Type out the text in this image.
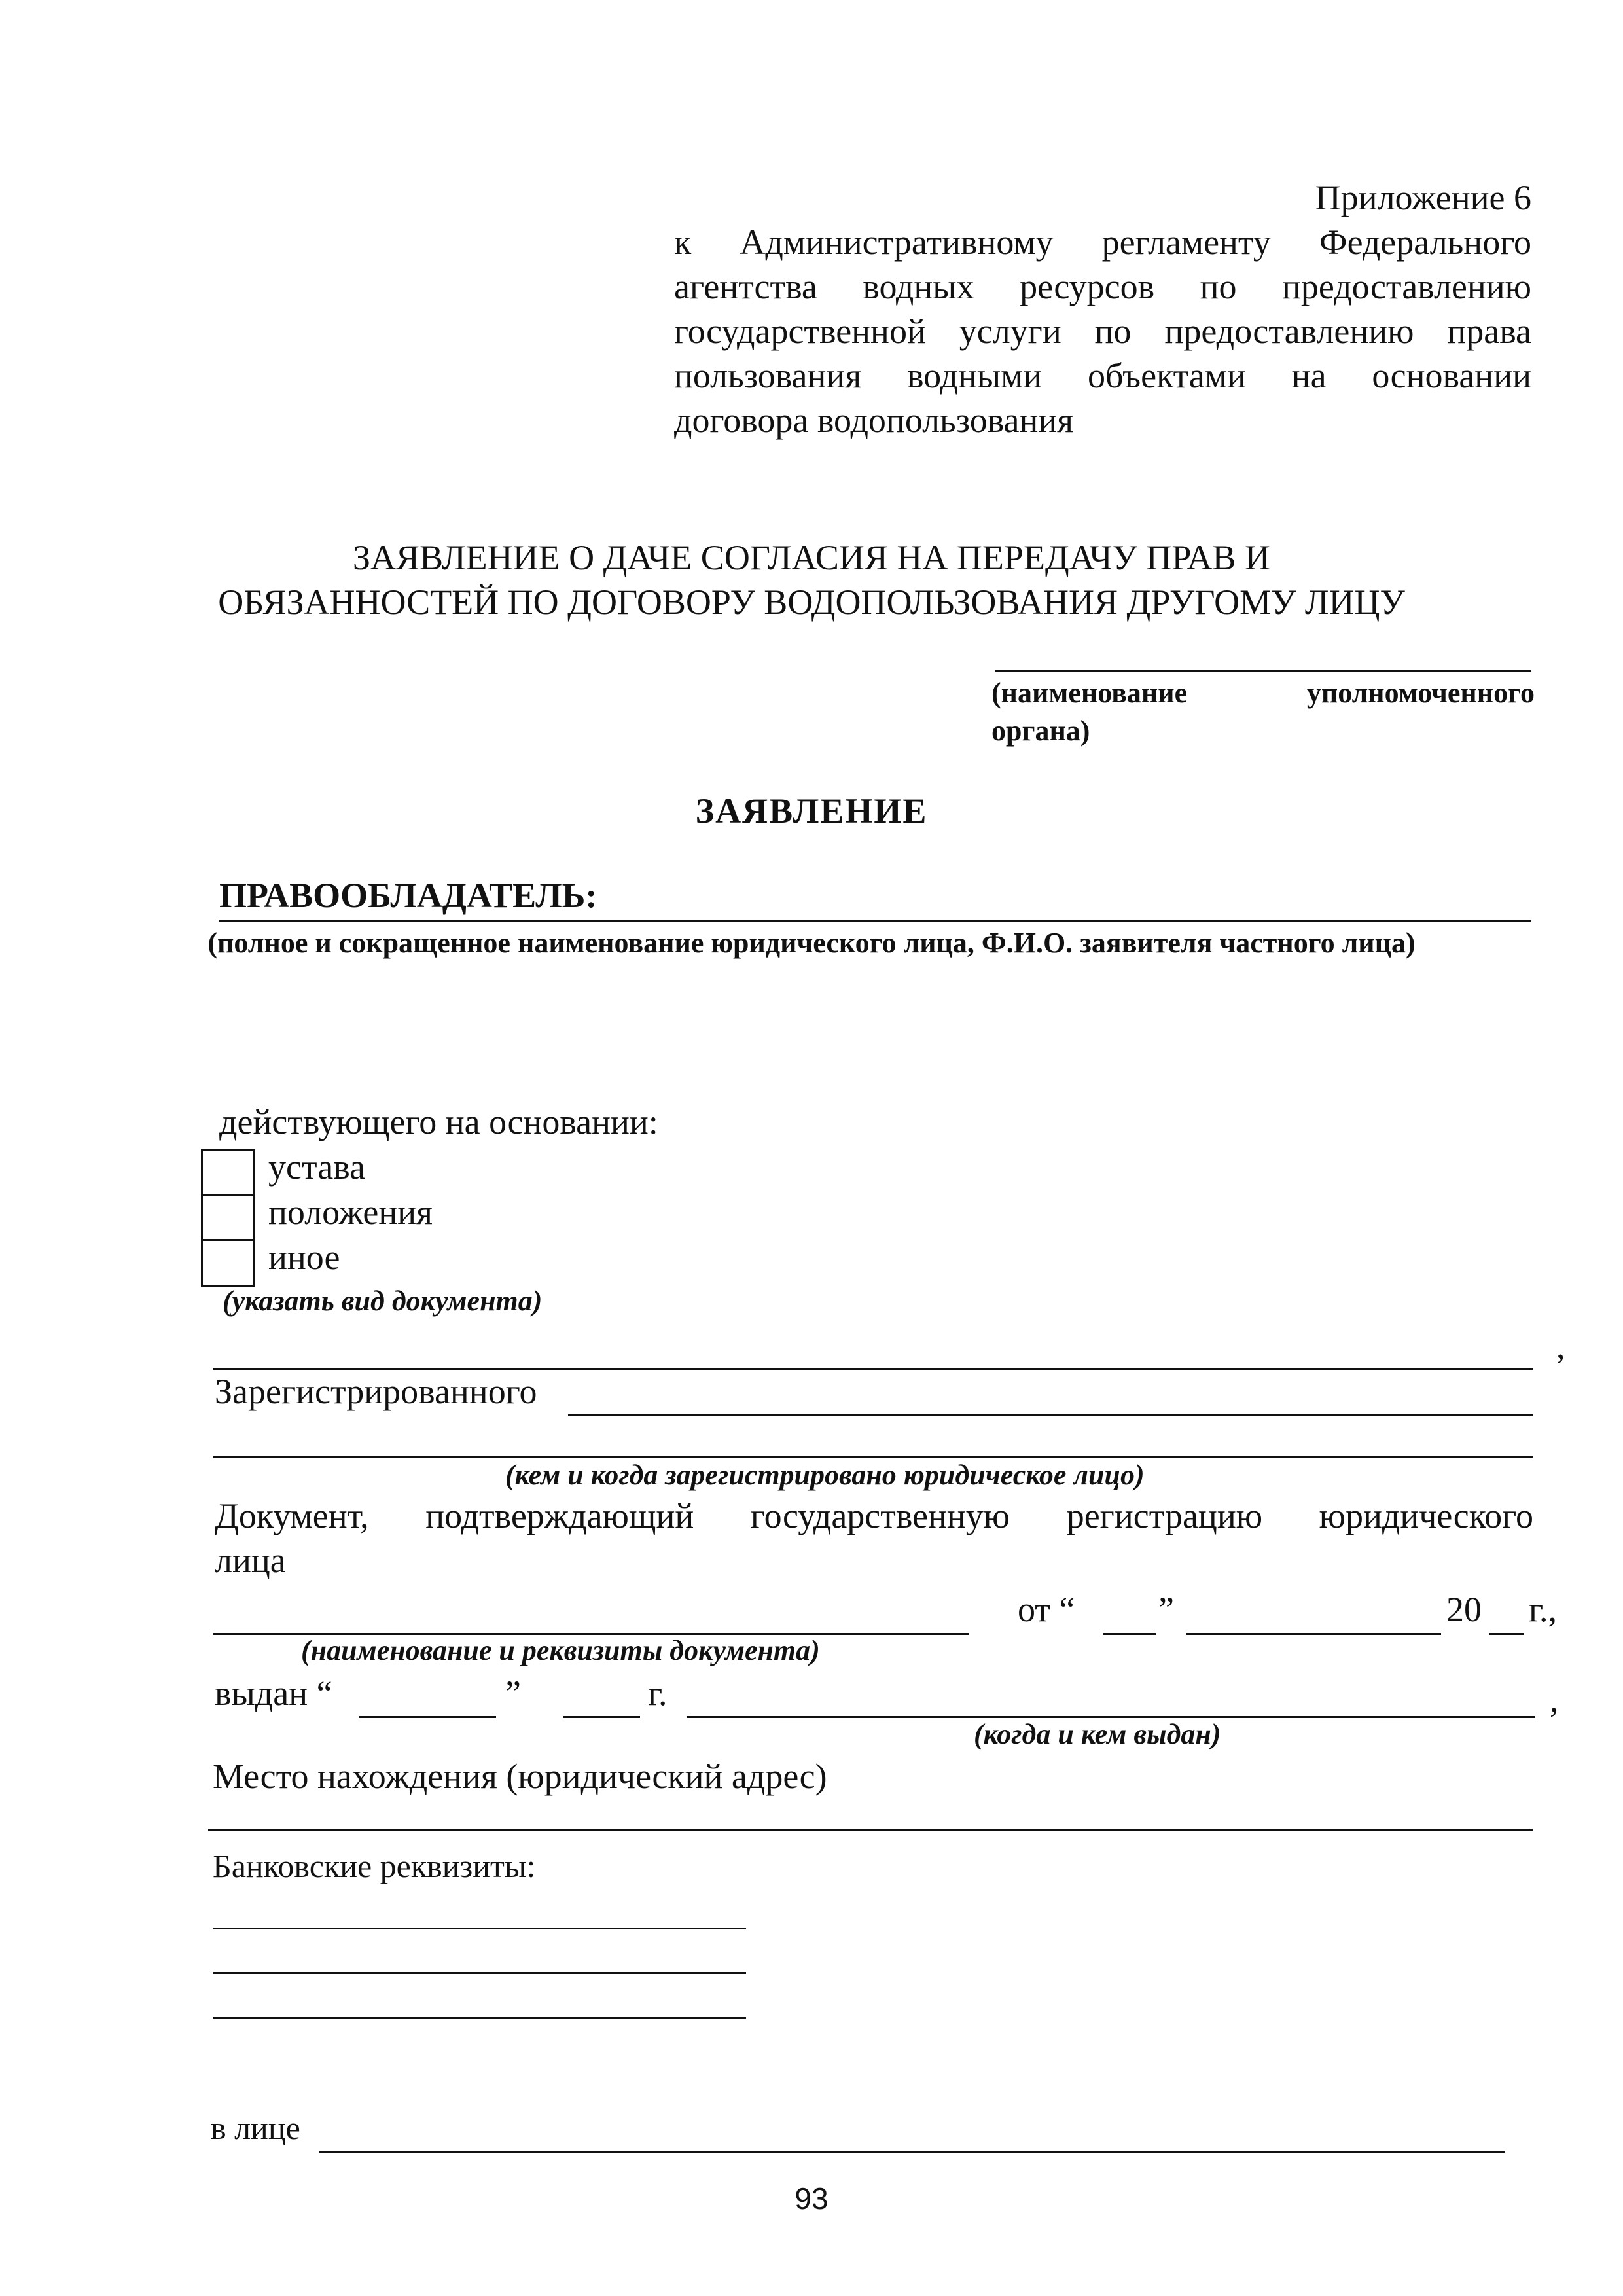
Приложение 6
к Административному регламенту Федерального
агентства водных ресурсов по предоставлению
государственной услуги по предоставлению права
пользования водными объектами на основании
договора водопользования
ЗАЯВЛЕНИЕ О ДАЧЕ СОГЛАСИЯ НА ПЕРЕДАЧУ ПРАВ И
ОБЯЗАННОСТЕЙ ПО ДОГОВОРУ ВОДОПОЛЬЗОВАНИЯ ДРУГОМУ ЛИЦУ
(наименование	уполномоченного
органа)
ЗАЯВЛЕНИЕ
ПРАВООБЛАДАТЕЛЬ:
(полное и сокращенное наименование юридического лица, Ф.И.О. заявителя частного лица)
действующего на основании:
устава
положения
иное
(указать вид документа)
,
Зарегистрированного
(кем и когда зарегистрировано юридическое лицо)
Документ, подтверждающий государственную регистрацию юридического
лица
от “ ”	20 г.,
(наименование и реквизиты документа)
выдан “	”	г.	,
(когда и кем выдан)
Место нахождения (юридический адрес)
Банковские реквизиты:
в лице
93
